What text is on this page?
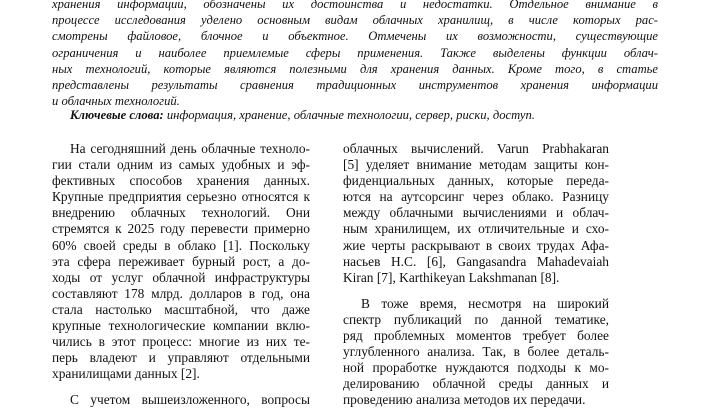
хранения информации, обозначены их достоинства и недостатки. Отдельное внимание в
процессе исследования уделено основным видам облачных хранилищ, в числе которых рас-
смотрены файловое, блочное и объектное. Отмечены их возможности, существующие
ограничения и наиболее приемлемые сферы применения. Также выделены функции облач-
ных технологий, которые являются полезными для хранения данных. Кроме того, в статье
представлены результаты сравнения традиционных инструментов хранения информации
и облачных технологий.
Ключевые слова: информация, хранение, облачные технологии, сервер, риски, доступ.
На сегодняшний день облачные техноло-
гии стали одним из самых удобных и эф-
фективных способов хранения данных.
Крупные предприятия серьезно относятся к
внедрению облачных технологий. Они
стремятся к 2025 году перевести примерно
60% своей среды в облако [1]. Поскольку
эта сфера переживает бурный рост, а до-
ходы от услуг облачной инфраструктуры
составляют 178 млрд. долларов в год, она
стала настолько масштабной, что даже
крупные технологические компании вклю-
чились в этот процесс: многие из них те-
перь владеют и управляют отдельными
хранилищами данных [2].
С учетом вышеизложенного, вопросы
облачных вычислений. Varun Prabhakaran
[5] уделяет внимание методам защиты кон-
фиденциальных данных, которые переда-
ются на аутсорсинг через облако. Разницу
между облачными вычислениями и облач-
ным хранилищем, их отличительные и схо-
жие черты раскрывают в своих трудах Афа-
насьев Н.С. [6], Gangasandra Mahadevaiah
Kiran [7], Karthikeyan Lakshmanan [8].
В тоже время, несмотря на широкий
спектр публикаций по данной тематике,
ряд проблемных моментов требует более
углубленного анализа. Так, в более деталь-
ной проработке нуждаются подходы к мо-
делированию облачной среды данных и
проведению анализа методов их передачи.
